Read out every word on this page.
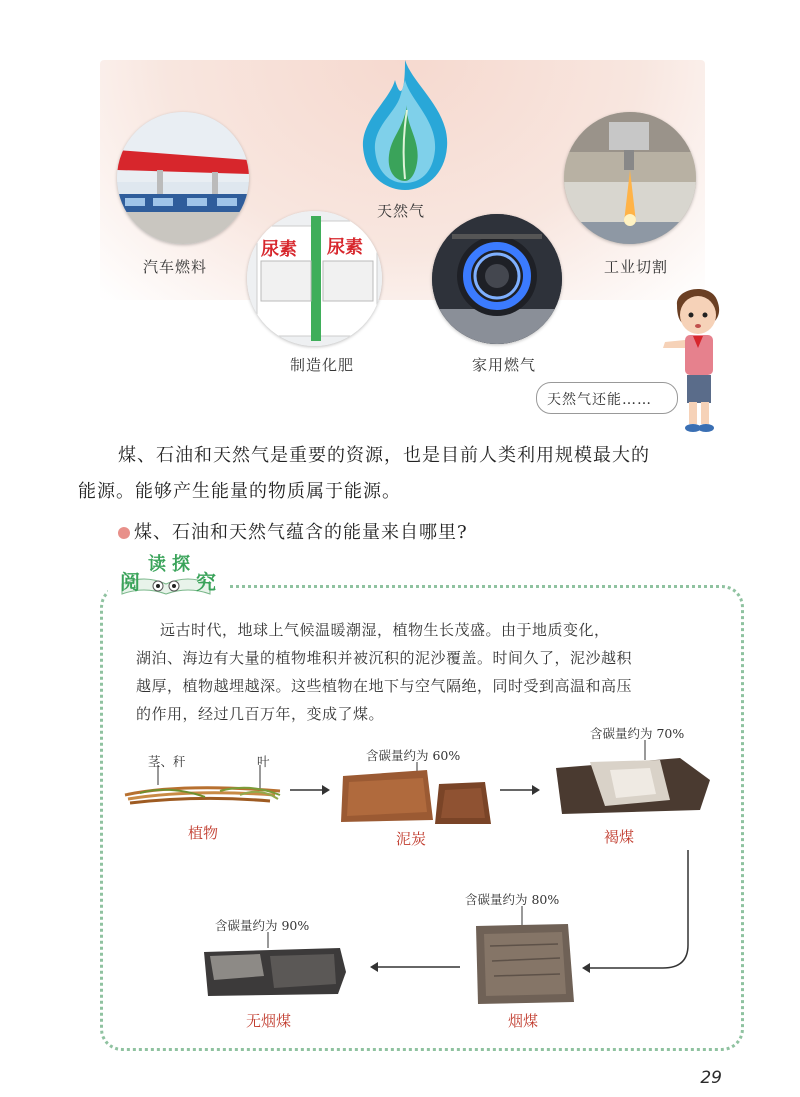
天然气
汽车燃料
尿素 尿素
制造化肥	家用燃气
工业切割
天然气还能……
煤、石油和天然气是重要的资源，也是目前人类利用规模最大的
能源。能够产生能量的物质属于能源。
煤、石油和天然气蕴含的能量来自哪里?
阅
读 探
究
远古时代，地球上气候温暖潮湿，植物生长茂盛。由于地质变化，
湖泊、海边有大量的植物堆积并被沉积的泥沙覆盖。时间久了，泥沙越积
越厚，植物越埋越深。这些植物在地下与空气隔绝，同时受到高温和高压
的作用，经过几百万年，变成了煤。
茎、秆	叶
植物
含碳量约为 60%
泥炭
含碳量约为 70%
褐煤
含碳量约为 80%
烟煤
含碳量约为 90%
无烟煤
29
